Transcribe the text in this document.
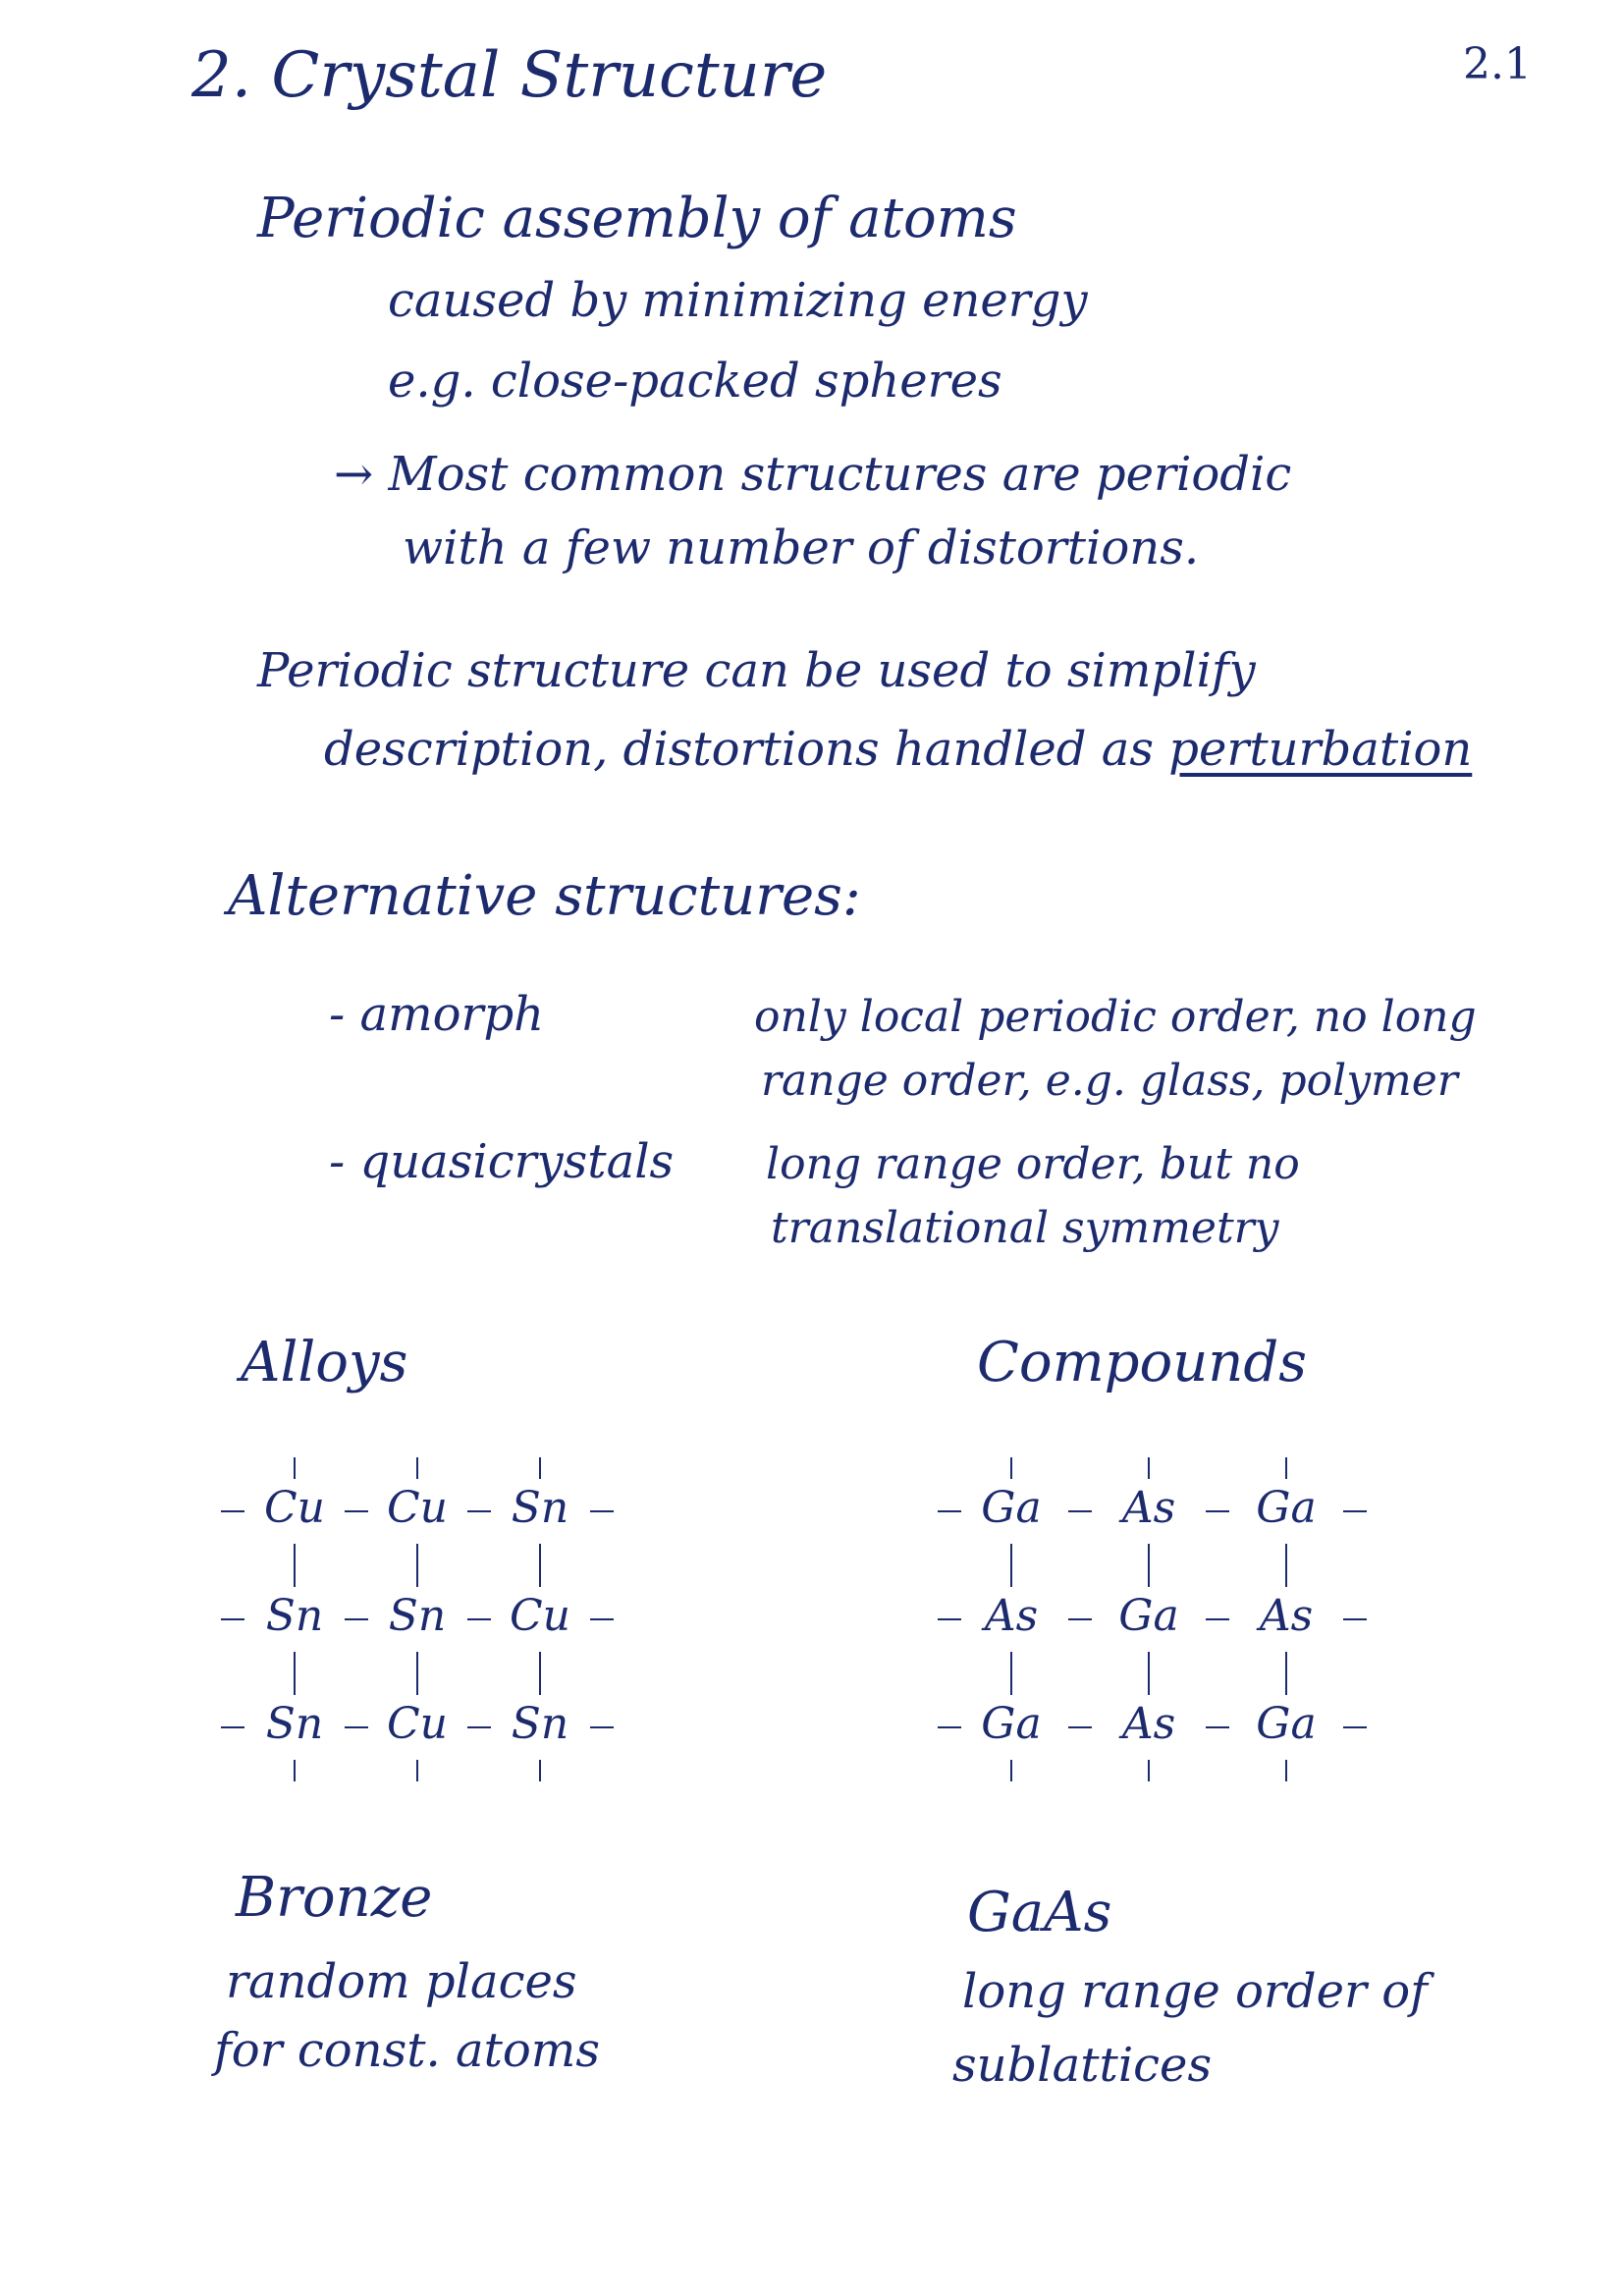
2. Crystal Structure	2.1
Periodic assembly of atoms
caused by minimizing energy
e.g. close-packed spheres
→ Most common structures are periodic
with a few number of distortions.
Periodic structure can be used to simplify
description, distortions handled as perturbation
Alternative structures:
- amorph	only local periodic order, no long
range order, e.g. glass, polymer
- quasicrystals long range order, but no
translational symmetry
Alloys	Compounds
Cu	Cu	Sn
Sn	Sn	Cu
Sn	Cu	Sn
Ga	As	Ga
As	Ga	As
Ga	As	Ga
Bronze
random places
for const. atoms
GaAs
long range order of
sublattices
